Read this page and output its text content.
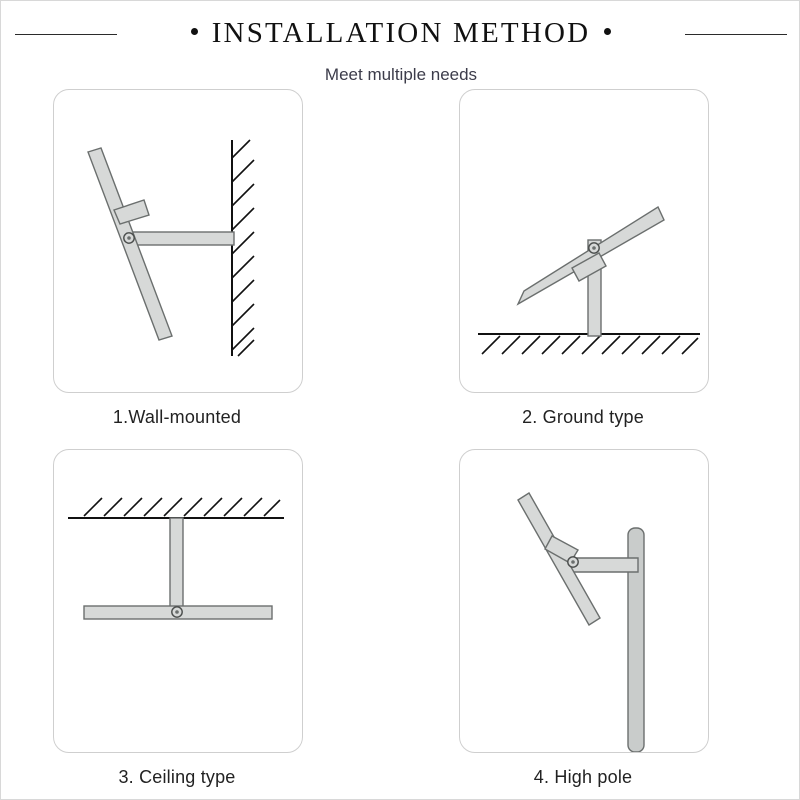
INSTALLATION METHOD
Meet multiple needs
1.Wall-mounted	2. Ground type
3. Ceiling type	4. High pole
